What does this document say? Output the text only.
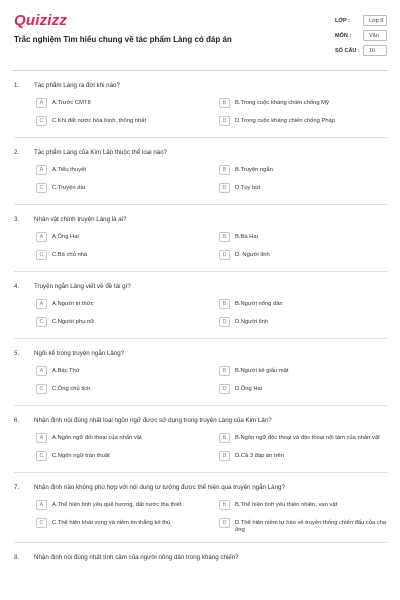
Quizizz
Trắc nghiệm Tìm hiểu chung về tác phẩm Làng có đáp án
LỚP :	Lớp 9
MÔN :	Văn
SỐ CÂU :	10
1.	Tác phẩm Làng ra đời khi nào?
A	A.Trước CMT8	B	B.Trong cuộc kháng chiến chống Mỹ
C	C.Khi đất nước hòa bình, thống nhất	D	D.Trong cuộc kháng chiến chống Pháp
2.	Tác phẩm Làng của Kim Lân thuộc thể loại nào?
A	A.Tiểu thuyết	B	B.Truyện ngắn
C	C.Truyện dài	D	D.Tùy bút
3.	Nhân vật chính truyện Làng là ai?
A	A.Ông Hai	B	B.Bà Hai
C	C.Bà chủ nhà	D	D. Người lính
4.	Truyện ngắn Làng viết về đề tài gì?
A	A.Người tri thức	B	B.Người nông dân
C	C.Người phụ nữ	D	D.Người lính
5.	Ngôi kể trong truyện ngắn Làng?
A	A.Bác Thứ	B	B.Người kể giấu mặt
C	C.Ông chủ tịch	D	D.Ông Hai
6.	Nhận định nói đúng nhất loại ngôn ngữ được sử dụng trong truyện Làng của Kim Lân?
A	A.Ngôn ngữ đối thoại của nhân vật	B	B.Ngôn ngữ độc thoại và độc thoại nội tâm của nhân vật
C	C.Ngôn ngữ trần thuật	D	D.Cả 3 đáp án trên
7.	Nhận định nào không phù hợp với nội dung tư tưởng được thể hiện qua truyện ngắn Làng?
A	A.Thể hiện tình yêu quê hương, đất nước tha thiết	B	B.Thể hiện tình yêu thiên nhiên, vạn vật
C	C.Thể hiện khát vọng và niềm tin thắng kẻ thù	D	D.Thể hiện niềm tự hào về truyền thống chiến đấu của cha ông
8.	Nhận định nói đúng nhất tình cảm của người nông dân trong kháng chiến?
